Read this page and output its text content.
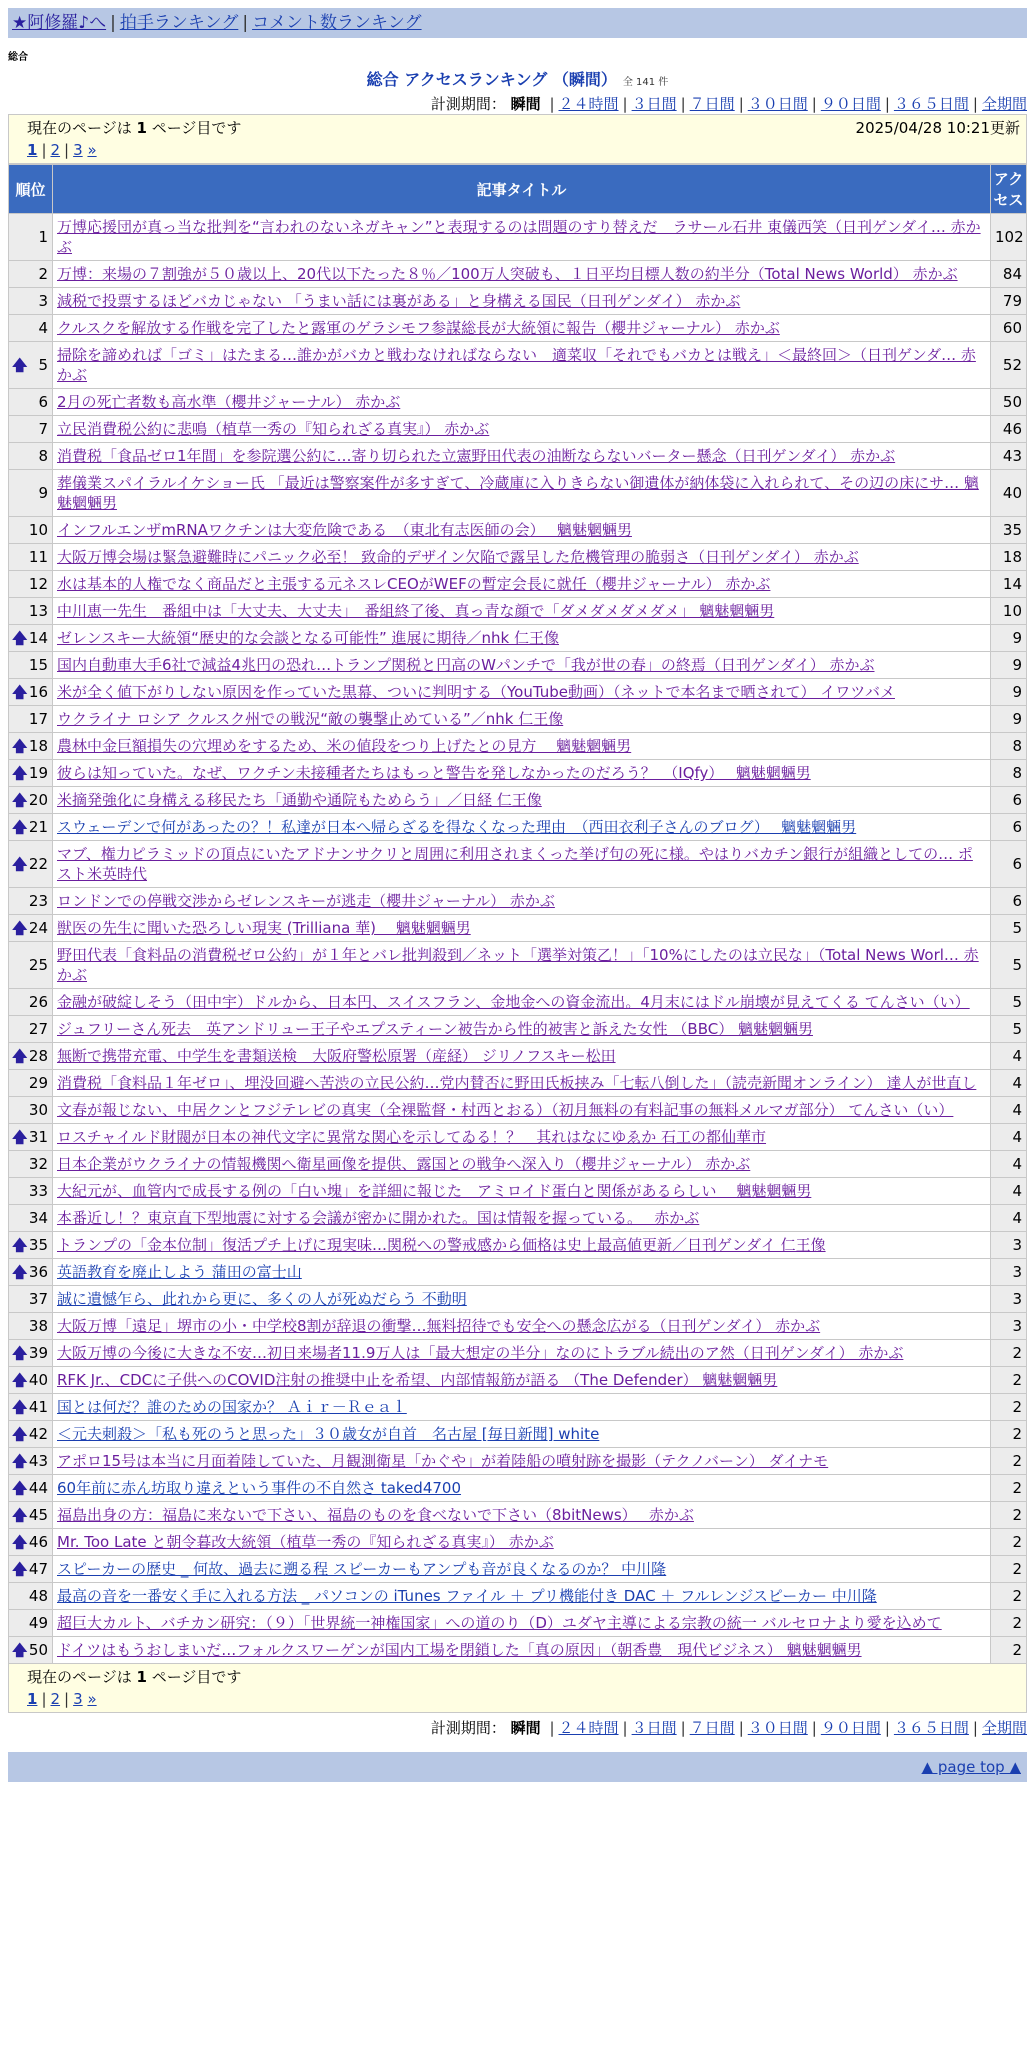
★阿修羅♪へ | 拍手ランキング | コメント数ランキング
総合
総合 アクセスランキング （瞬間） 全 141 件
計測期間： 瞬間 | ２４時間 | ３日間 | ７日間 | ３０日間 | ９０日間 | ３６５日間 | 全期間
現在のページは 1 ページ目です	2025/04/28 10:21更新
1 | 2 | 3 »
順位	記事タイトル	アクセス
1	万博応援団が真っ当な批判を“言われのないネガキャン”と表現するのは問題のすり替えだ　ラサール石井 東儀西笑（日刊ゲンダイ… 赤かぶ	102
2	万博：来場の７割強が５０歳以上、20代以下たった８％／100万人突破も、１日平均目標人数の約半分（Total News World） 赤かぶ	84
3	減税で投票するほどバカじゃない 「うまい話には裏がある」と身構える国民（日刊ゲンダイ） 赤かぶ	79
4	クルスクを解放する作戦を完了したと露軍のゲラシモフ参謀総長が大統領に報告（櫻井ジャーナル） 赤かぶ	60

🡅 5	掃除を諦めれば「ゴミ」はたまる…誰かがバカと戦わなければならない　適菜収「それでもバカとは戦え」＜最終回＞（日刊ゲンダ… 赤かぶ	52
6	2月の死亡者数も高水準（櫻井ジャーナル） 赤かぶ	50
7	立民消費税公約に悲鳴（植草一秀の『知られざる真実』） 赤かぶ	46
8	消費税「食品ゼロ1年間」を参院選公約に…寄り切られた立憲野田代表の油断ならないバーター懸念（日刊ゲンダイ） 赤かぶ	43
9	葬儀業スパイラルイケショー氏 「最近は警察案件が多すぎて、冷蔵庫に入りきらない御遺体が納体袋に入れられて、その辺の床にサ… 魑魅魍魎男	40
10	インフルエンザmRNAワクチンは大変危険である　（東北有志医師の会）　 魑魅魍魎男	35
11	大阪万博会場は緊急避難時にパニック必至！ 致命的デザイン欠陥で露呈した危機管理の脆弱さ（日刊ゲンダイ） 赤かぶ	18
12	水は基本的人権でなく商品だと主張する元ネスレCEOがWEFの暫定会長に就任（櫻井ジャーナル） 赤かぶ	14
13	中川恵一先生　番組中は「大丈夫、大丈夫」　番組終了後、真っ青な顔で「ダメダメダメダメ」 魑魅魍魎男	10

🡅 14	ゼレンスキー大統領“歴史的な会談となる可能性” 進展に期待／nhk 仁王像	9
15	国内自動車大手6社で減益4兆円の恐れ…トランプ関税と円高のWパンチで「我が世の春」の終焉（日刊ゲンダイ） 赤かぶ	9

🡅 16	米が全く値下がりしない原因を作っていた黒幕、ついに判明する（YouTube動画）（ネットで本名まで晒されて） イワツバメ	9
17	ウクライナ ロシア クルスク州での戦況“敵の襲撃止めている”／nhk 仁王像	9

🡅 18	農林中金巨額損失の穴埋めをするため、米の値段をつり上げたとの見方　 魑魅魍魎男	8

🡅 19	彼らは知っていた。なぜ、ワクチン未接種者たちはもっと警告を発しなかったのだろう？　（IQfy）　 魑魅魍魎男	8

🡅 20	米摘発強化に身構える移民たち「通勤や通院もためらう」／日経 仁王像	6

🡅 21	スウェーデンで何があったの？！私達が日本へ帰らざるを得なくなった理由　（西田衣利子さんのブログ）　 魑魅魍魎男	6

🡅 22	マブ、権力ピラミッドの頂点にいたアドナンサクリと周囲に利用されまくった挙げ句の死に様。やはりバカチン銀行が組織としての… ポスト米英時代	6
23	ロンドンでの停戦交渉からゼレンスキーが逃走（櫻井ジャーナル） 赤かぶ	6

🡅 24	獣医の先生に聞いた恐ろしい現実 (Trilliana 華)　 魑魅魍魎男	5
25	野田代表「食料品の消費税ゼロ公約」が１年とバレ批判殺到／ネット「選挙対策乙！」「10%にしたのは立民な」（Total News Worl… 赤かぶ	5
26	金融が破綻しそう（田中宇）ドルから、日本円、スイスフラン、金地金への資金流出。4月末にはドル崩壊が見えてくる てんさい（い）	5
27	ジュフリーさん死去　英アンドリュー王子やエプスティーン被告から性的被害と訴えた女性 （BBC） 魑魅魍魎男	5

🡅 28	無断で携帯充電、中学生を書類送検　大阪府警松原署（産経） ジリノフスキー松田	4
29	消費税「食料品１年ゼロ」、埋没回避へ苦渋の立民公約…党内賛否に野田氏板挟み「七転八倒した」（読売新聞オンライン） 達人が世直し	4
30	文春が報じない、中居クンとフジテレビの真実（全裸監督・村西とおる）（初月無料の有料記事の無料メルマガ部分） てんさい（い）	4

🡅 31	ロスチャイルド財閥が日本の神代文字に異常な関心を示してゐる！？　其れはなにゆゑか 石工の都仙華市	4
32	日本企業がウクライナの情報機関へ衛星画像を提供、露国との戦争へ深入り（櫻井ジャーナル） 赤かぶ	4
33	大紀元が、血管内で成長する例の「白い塊」を詳細に報じた　アミロイド蛋白と関係があるらしい　 魑魅魍魎男	4
34	本番近し！？東京直下型地震に対する会議が密かに開かれた。国は情報を握っている。　 赤かぶ	4

🡅 35	トランプの「金本位制」復活プチ上げに現実味…関税への警戒感から価格は史上最高値更新／日刊ゲンダイ 仁王像	3

🡅 36	英語教育を廃止しよう 蒲田の富士山	3
37	誠に遺憾乍ら、此れから更に、多くの人が死ぬだらう 不動明	3
38	大阪万博「遠足」堺市の小・中学校8割が辞退の衝撃…無料招待でも安全への懸念広がる（日刊ゲンダイ） 赤かぶ	3

🡅 39	大阪万博の今後に大きな不安…初日来場者11.9万人は「最大想定の半分」なのにトラブル続出のア然（日刊ゲンダイ） 赤かぶ	2

🡅 40	RFK Jr.、CDCに子供へのCOVID注射の推奨中止を希望、内部情報筋が語る （The Defender） 魑魅魍魎男	2

🡅 41	国とは何だ？誰のための国家か？ Ａｉｒ－Ｒｅａｌ	2

🡅 42	＜元夫刺殺＞「私も死のうと思った」３０歳女が自首　名古屋 [毎日新聞] white	2

🡅 43	アポロ15号は本当に月面着陸していた、月観測衛星「かぐや」が着陸船の噴射跡を撮影（テクノバーン） ダイナモ	2

🡅 44	60年前に赤ん坊取り違えという事件の不自然さ taked4700	2

🡅 45	福島出身の方：福島に来ないで下さい、福島のものを食べないで下さい（8bitNews）　 赤かぶ	2

🡅 46	Mr. Too Late と朝令暮改大統領（植草一秀の『知られざる真実』） 赤かぶ	2

🡅 47	スピーカーの歴史 _ 何故、過去に遡る程 スピーカーもアンプも音が良くなるのか？ 中川隆	2
48	最高の音を一番安く手に入れる方法 _ パソコンの iTunes ファイル ＋ プリ機能付き DAC ＋ フルレンジスピーカー 中川隆	2
49	超巨大カルト、バチカン研究：（９）「世界統一神権国家」への道のり（D）ユダヤ主導による宗教の統一 バルセロナより愛を込めて	2

🡅 50	ドイツはもうおしまいだ…フォルクスワーゲンが国内工場を閉鎖した「真の原因」（朝香豊　現代ビジネス） 魑魅魍魎男	2
現在のページは 1 ページ目です
1 | 2 | 3 »
計測期間： 瞬間 | ２４時間 | ３日間 | ７日間 | ３０日間 | ９０日間 | ３６５日間 | 全期間
▲ page top ▲
